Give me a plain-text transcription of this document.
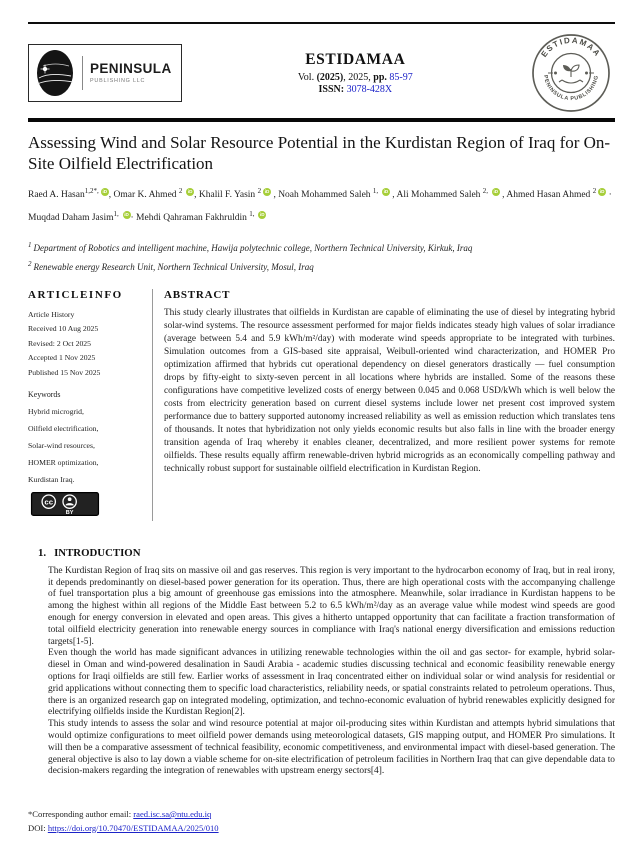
PENINSULA
PUBLISHING LLC
ESTIDAMAA
Vol. (2025), 2025, pp. 85-97
ISSN: 3078-428X
ESTIDAMAA
PENINSULA PUBLISHING
Assessing Wind and Solar Resource Potential in the Kurdistan Region of Iraq for On-Site Oilfield Electrification
Raed A. Hasan$^{1,2*,}$ iD , Omar K. Ahmed $^2$ iD , Khalil F. Yasin $^2$ iD , Noah Mohammed Saleh $^{1,}$ iD , Ali Mohammed Saleh $^{2,}$ iD , Ahmed Hasan Ahmed $^2$ iD · Muqdad Daham Jasim$^{1,}$ iD · Mehdi Qahraman Fakhruldin $^{1,}$ iD
$^1$ Department of Robotics and intelligent machine, Hawija polytechnic college, Northern Technical University, Kirkuk, Iraq
$^2$ Renewable energy Research Unit, Northern Technical University, Mosul, Iraq
ARTICLEINFO
Article History
Received 10 Aug 2025
Revised: 2 Oct 2025
Accepted 1 Nov 2025
Published 15 Nov 2025
Keywords
Hybrid microgrid,
Oilfield electrification,
Solar-wind resources,
HOMER optimization,
Kurdistan Iraq.
cc
BY
ABSTRACT

This study clearly illustrates that oilfields in Kurdistan are capable of eliminating the use of diesel by integrating hybrid solar-wind systems. The resource assessment performed for major fields indicates steady high values of solar irradiance (average between 5.4 and 5.9 kWh/m²/day) with moderate wind speeds appropriate to be integrated with turbines. Simulation outcomes from a GIS-based site appraisal, Weibull-oriented wind characterization, and HOMER Pro optimization affirmed that hybrids cut operational dependency on diesel generators drastically — fuel consumption drops by fifty-eight to sixty-seven percent in all locations where hybrids are installed. Some of the reasons these configurations have competitive levelized costs of energy between 0.045 and 0.068 USD/kWh which is well below the costs from electricity generation based on current diesel systems include lower net present cost improved system performance due to battery supported autonomy increased reliability as well as emission reduction which translates tens of thousands. It notes that hybridization not only yields economic results but also falls in line with the broader energy transition agenda of Iraq whereby it enables cleaner, decentralized, and more resilient power systems for remote oilfields. These results equally affirm renewable-driven hybrid microgrids as an economically compelling pathway and technically robust support for sustainable oilfield electrification in Kurdistan Region.

1. INTRODUCTION

The Kurdistan Region of Iraq sits on massive oil and gas reserves. This region is very important to the hydrocarbon economy of Iraq, but in real irony, it depends predominantly on diesel-based power generation for its operation. Thus, there are high operational costs with the accompanying challenge of fuel transportation plus a big amount of greenhouse gas emissions into the atmosphere. Meanwhile, solar irradiance in Kurdistan happens to be among the highest within all regions of the Middle East between 5.2 to 6.5 kWh/m²/day as an average value while modest wind speeds are good enough for energy conversion in elevated and open areas. This gives a hitherto untapped opportunity that can facilitate a fraction transformation of total oilfield electricity generation into renewable energy sources in compliance with Iraq's national energy diversification and emissions reduction targets[1-5].

Even though the world has made significant advances in utilizing renewable technologies within the oil and gas sector- for example, hybrid solar-diesel in Oman and wind-powered desalination in Saudi Arabia - academic studies discussing technical and economic feasibility renewable energy options for Iraqi oilfields are still few. Earlier works of assessment in Iraq concentrated either on individual solar or wind analysis for residential or grid applications without connecting them to specific load characteristics, reliability needs, or spatial constraints related to petroleum operations. Thus, there is an organized research gap on integrated modeling, optimization, and techno-economic evaluation of hybrid renewables explicitly designed for electrifying oilfields inside the Kurdistan Region[2].

This study intends to assess the solar and wind resource potential at major oil-producing sites within Kurdistan and attempts hybrid simulations that would optimize configurations to meet oilfield power demands using meteorological datasets, GIS mapping output, and HOMER Pro simulations. It will then be a comparative assessment of technical feasibility, economic competitiveness, and environmental impact with diesel-based generation. The general objective is also to lay down a viable scheme for on-site electrification of petroleum facilities in Northern Iraq that can give dependable data to decision-makers regarding the integration of renewables with upstream energy sectors[4].

*Corresponding author email: raed.isc.sa@ntu.edu.iq
DOI: https://doi.org/10.70470/ESTIDAMAA/2025/010
